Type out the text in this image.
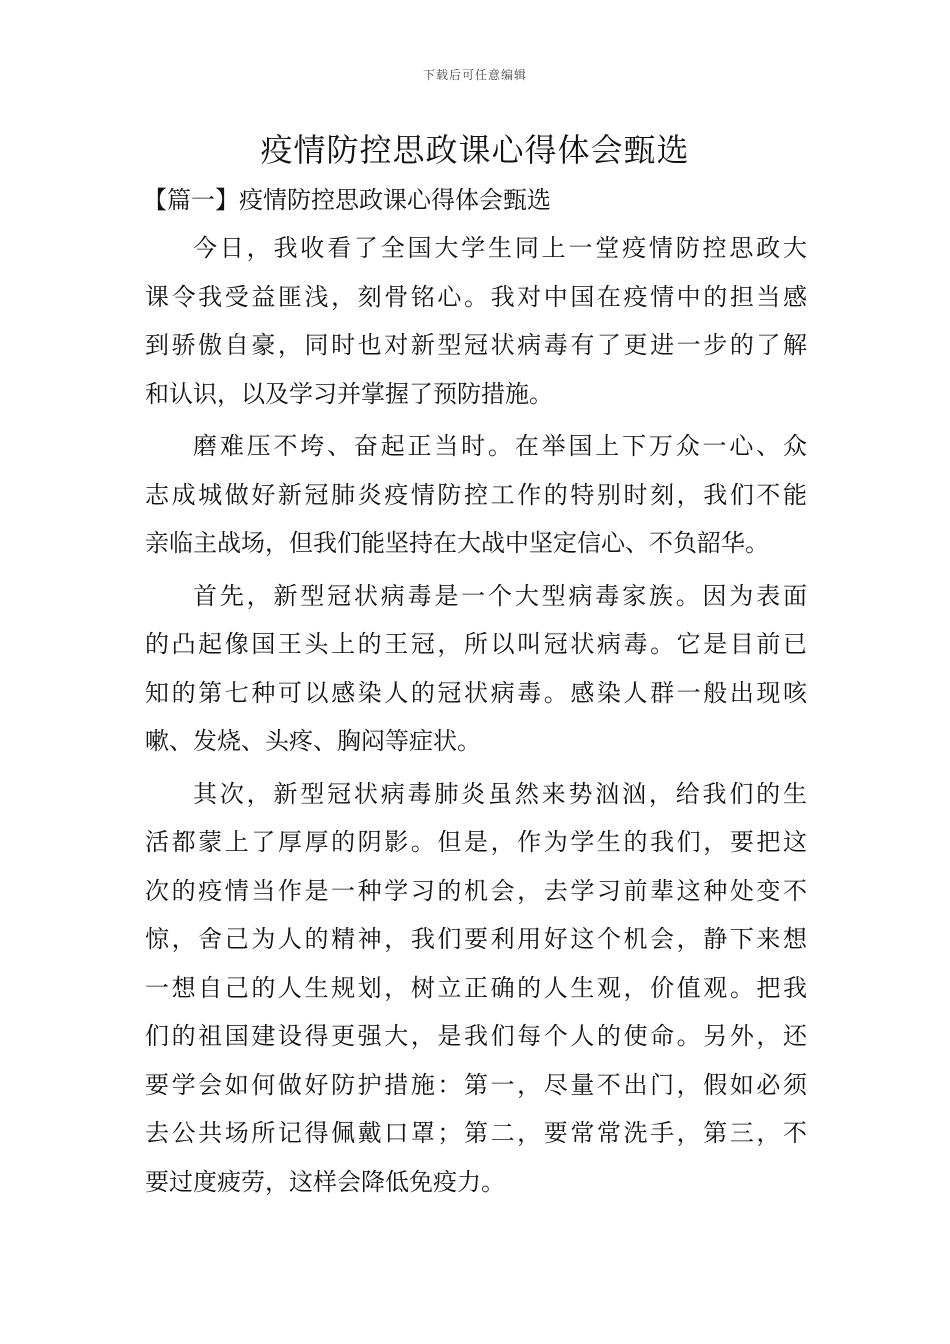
下载后可任意编辑
疫情防控思政课心得体会甄选
【篇一】疫情防控思政课心得体会甄选
今日，我收看了全国大学生同上一堂疫情防控思政大
课令我受益匪浅，刻骨铭心。我对中国在疫情中的担当感
到骄傲自豪，同时也对新型冠状病毒有了更进一步的了解
和认识，以及学习并掌握了预防措施。
磨难压不垮、奋起正当时。在举国上下万众一心、众
志成城做好新冠肺炎疫情防控工作的特别时刻，我们不能
亲临主战场，但我们能坚持在大战中坚定信心、不负韶华。
首先，新型冠状病毒是一个大型病毒家族。因为表面
的凸起像国王头上的王冠，所以叫冠状病毒。它是目前已
知的第七种可以感染人的冠状病毒。感染人群一般出现咳
嗽、发烧、头疼、胸闷等症状。
其次，新型冠状病毒肺炎虽然来势汹汹，给我们的生
活都蒙上了厚厚的阴影。但是，作为学生的我们，要把这
次的疫情当作是一种学习的机会，去学习前辈这种处变不
惊，舍己为人的精神，我们要利用好这个机会，静下来想
一想自己的人生规划，树立正确的人生观，价值观。把我
们的祖国建设得更强大，是我们每个人的使命。另外，还
要学会如何做好防护措施：第一，尽量不出门，假如必须
去公共场所记得佩戴口罩；第二，要常常洗手，第三，不
要过度疲劳，这样会降低免疫力。
